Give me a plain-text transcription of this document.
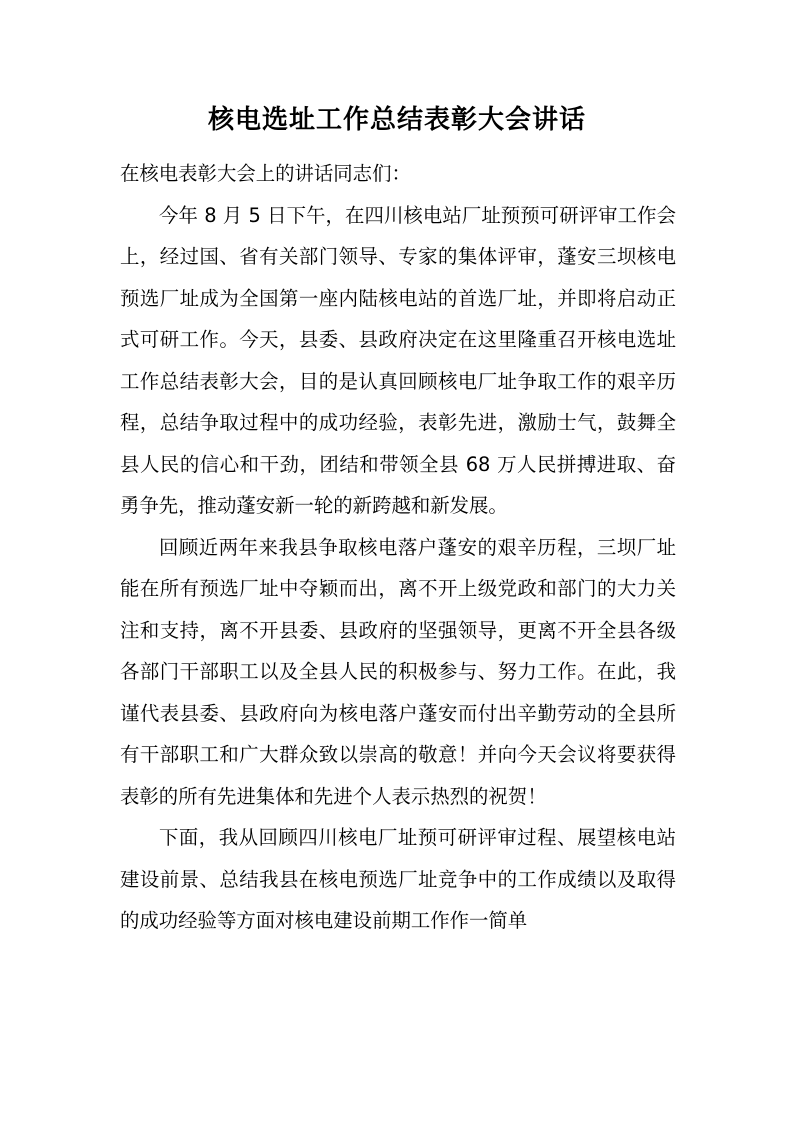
核电选址工作总结表彰大会讲话

在核电表彰大会上的讲话同志们：

今年 8 月 5 日下午，在四川核电站厂址预预可研评审工作会上，经过国、省有关部门领导、专家的集体评审，蓬安三坝核电预选厂址成为全国第一座内陆核电站的首选厂址，并即将启动正式可研工作。今天，县委、县政府决定在这里隆重召开核电选址工作总结表彰大会，目的是认真回顾核电厂址争取工作的艰辛历程，总结争取过程中的成功经验，表彰先进，激励士气，鼓舞全县人民的信心和干劲，团结和带领全县 68 万人民拼搏进取、奋勇争先，推动蓬安新一轮的新跨越和新发展。

回顾近两年来我县争取核电落户蓬安的艰辛历程，三坝厂址能在所有预选厂址中夺颖而出，离不开上级党政和部门的大力关注和支持，离不开县委、县政府的坚强领导，更离不开全县各级各部门干部职工以及全县人民的积极参与、努力工作。在此，我谨代表县委、县政府向为核电落户蓬安而付出辛勤劳动的全县所有干部职工和广大群众致以崇高的敬意！并向今天会议将要获得表彰的所有先进集体和先进个人表示热烈的祝贺！

下面，我从回顾四川核电厂址预可研评审过程、展望核电站建设前景、总结我县在核电预选厂址竞争中的工作成绩以及取得的成功经验等方面对核电建设前期工作作一简单
